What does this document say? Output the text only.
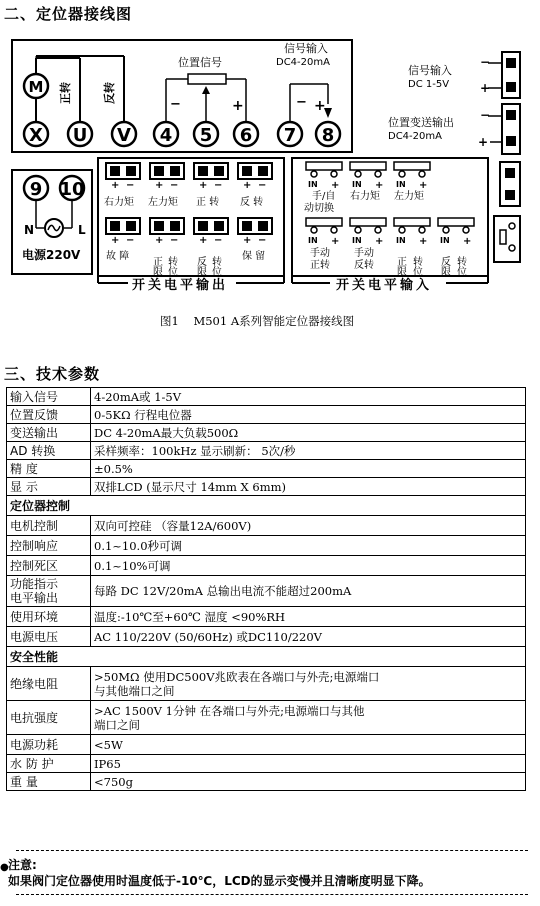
二、定位器接线图
M 正转	反转
X U V 4 5 6 7 8
位置信号
−	+
信号输入
DC4-20mA
− +
9 10
N	L
电源220V
+ − + − + − + −
右力矩 左力矩 正 转 反 转
+ − + − + − + −
故 障 正限 转位 反限 转位 保 留
开关电平输出
IN + IN + IN +
手/自
动切换
右力矩 左力矩
IN + IN + IN + IN +
手动
正转
手动
反转 正限 转位 反限 转位
开关电平输入
信号输入
DC 1-5V
−
+
位置变送输出
DC4-20mA
−
+
图1    M501 A系列智能定位器接线图
三、技术参数
输入信号	4-20mA或 1-5V
位置反馈	0-5KΩ 行程电位器
变送输出	DC 4-20mA最大负载500Ω
AD 转换	采样频率：100kHz 显示刷新： 5次/秒
精 度	±0.5%
显 示	双排LCD (显示尺寸 14mm X 6mm)
定位器控制	
电机控制	双向可控硅 （容量12A/600V)
控制响应	0.1~10.0秒可调
控制死区	0.1~10%可调
功能指示
电平输出	每路 DC 12V/20mA 总输出电流不能超过200mA
使用环境	温度:-10℃至+60℃ 湿度 <90%RH
电源电压	AC 110/220V (50/60Hz) 或DC110/220V
安全性能	
绝缘电阻	>50MΩ 使用DC500V兆欧表在各端口与外壳;电源端口
与其他端口之间
电抗强度	>AC 1500V 1分钟 在各端口与外壳;电源端口与其他
端口之间
电源功耗	<5W
水 防 护	IP65
重 量	<750g
● 注意:
如果阀门定位器使用时温度低于-10℃，LCD的显示变慢并且清晰度明显下降。
